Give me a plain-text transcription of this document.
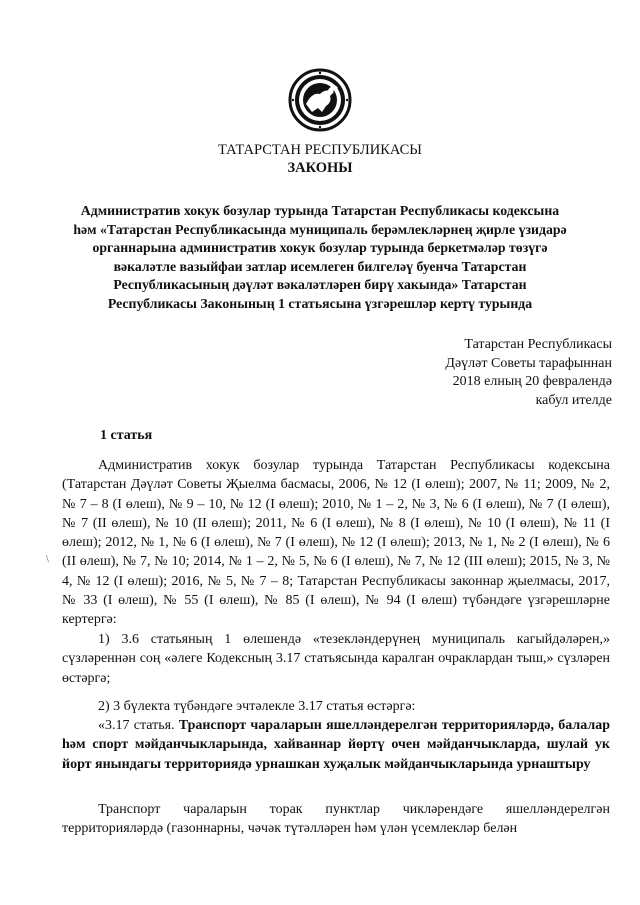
ТАТАРСТАН РЕСПУБЛИКАСЫ
ЗАКОНЫ
Административ хокук бозулар турында Татарстан Республикасы кодексына һәм «Татарстан Республикасында муниципаль берәмлекләрнең җирле үзидарә органнарына административ хокук бозулар турында беркетмәләр төзүгә вәкаләтле вазыйфаи затлар исемлеген билгеләү буенча Татарстан Республикасының дәүләт вәкаләтләрен бирү хакында» Татарстан Республикасы Законының 1 статьясына үзгәрешләр кертү турында
Татарстан Республикасы
Дәүләт Советы тарафыннан
2018 елның 20 февралендә
кабул ителде
1 статья
\
Административ хокук бозулар турында Татарстан Республикасы кодексына (Татарстан Дәүләт Советы Җыелма басмасы, 2006, № 12 (I өлеш); 2007, № 11; 2009, № 2, № 7 – 8 (I өлеш), № 9 – 10, № 12 (I өлеш); 2010, № 1 – 2, № 3, № 6 (I өлеш), № 7 (I өлеш), № 7 (II өлеш), № 10 (II өлеш); 2011, № 6 (I өлеш), № 8 (I өлеш), № 10 (I өлеш), № 11 (I өлеш); 2012, № 1, № 6 (I өлеш), № 7 (I өлеш), № 12 (I өлеш); 2013, № 1, № 2 (I өлеш), № 6 (II өлеш), № 7, № 10; 2014, № 1 – 2, № 5, № 6 (I өлеш), № 7, № 12 (III өлеш); 2015, № 3, № 4, № 12 (I өлеш); 2016, № 5, № 7 – 8; Татарстан Республикасы законнар җыелмасы, 2017, № 33 (I өлеш), № 55 (I өлеш), № 85 (I өлеш), № 94 (I өлеш) түбәндәге үзгәрешләрне кертергә:
1) 3.6 статьяның 1 өлешендә «тезекләндерүнең муниципаль кагыйдәләрен,» сүзләреннән соң «әлеге Кодексның 3.17 статьясында каралган очраклардан тыш,» сүзләрен өстәргә;
2) 3 бүлекта түбәндәге эчтәлекле 3.17 статья өстәргә:
«3.17 статья. Транспорт чараларын яшелләндерелгән территорияләрдә, балалар һәм спорт мәйданчыкларында, хайваннар йөртү очен мәйданчыкларда, шулай ук йорт янындагы территориядә урнашкан хуҗалык мәйданчыкларында урнаштыру
Транспорт чараларын торак пунктлар чикләрендәге яшелләндерелгән территорияләрдә (газоннарны, чәчәк түтәлләрен һәм үлән үсемлекләр белән
